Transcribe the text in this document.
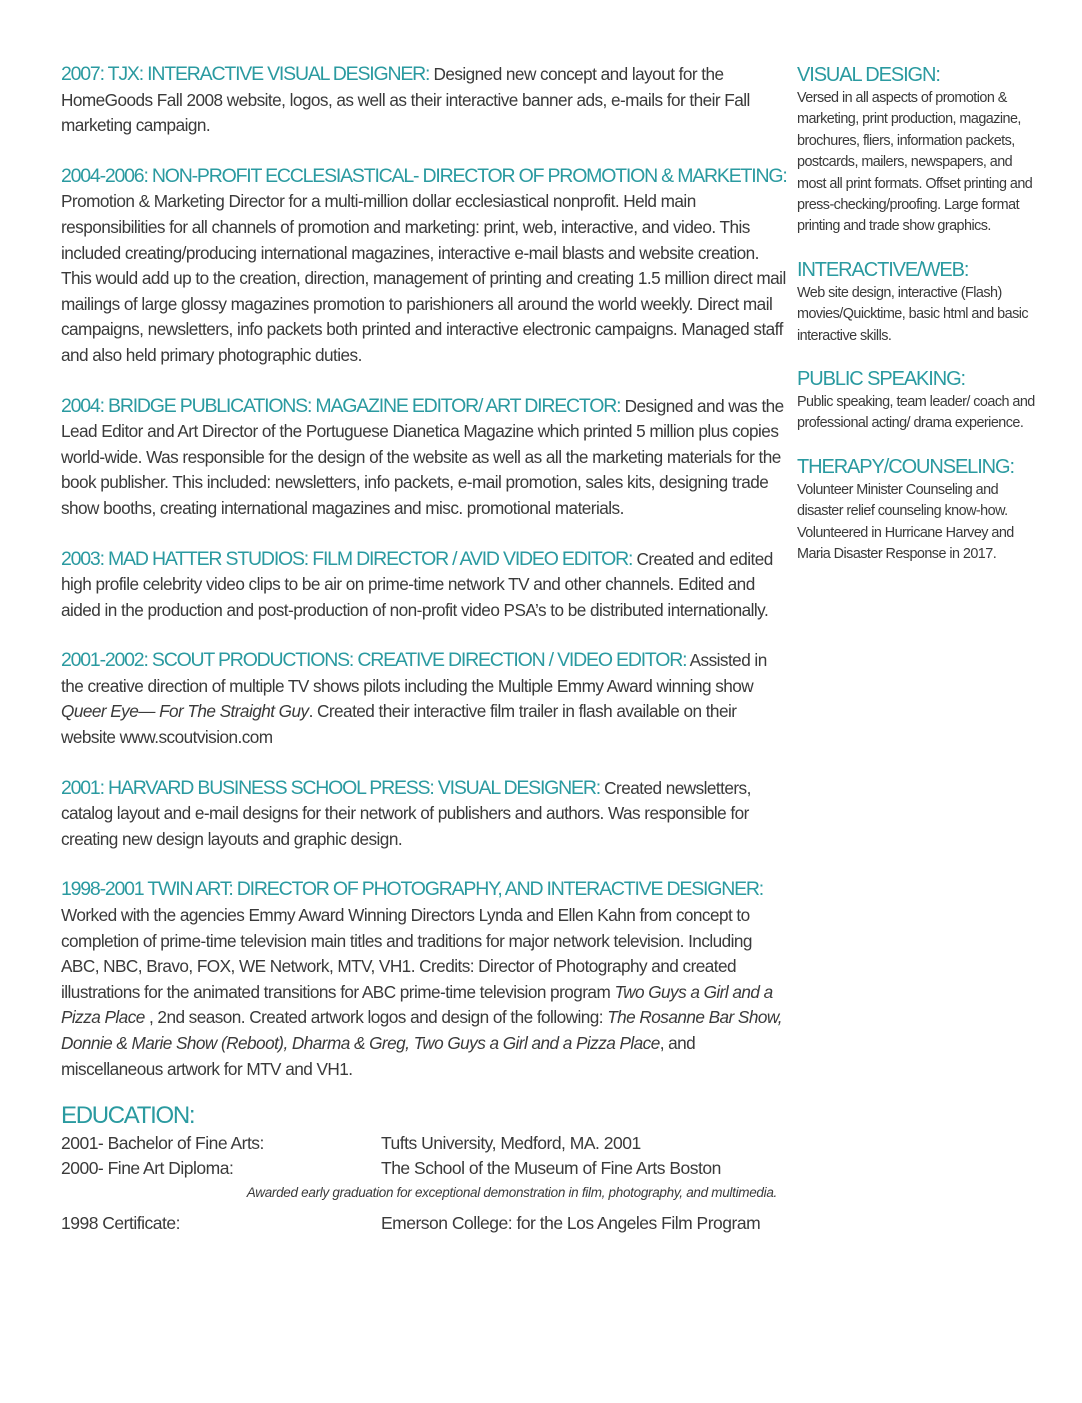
2007: TJX: INTERACTIVE VISUAL DESIGNER: Designed new concept and layout for the HomeGoods Fall 2008 website, logos, as well as their interactive banner ads, e-mails for their Fall marketing campaign.
2004-2006: NON-PROFIT ECCLESIASTICAL- DIRECTOR OF PROMOTION & MARKETING:
Promotion & Marketing Director for a multi-million dollar ecclesiastical nonprofit. Held main responsibilities for all channels of promotion and marketing: print, web, interactive, and video. This included creating/producing international magazines, interactive e-mail blasts and website creation. This would add up to the creation, direction, management of printing and creating 1.5 million direct mail mailings of large glossy magazines promotion to parishioners all around the world weekly. Direct mail campaigns, newsletters, info packets both printed and interactive electronic campaigns. Managed staff and also held primary photographic duties.
2004: BRIDGE PUBLICATIONS: MAGAZINE EDITOR/ ART DIRECTOR: Designed and was the Lead Editor and Art Director of the Portuguese Dianetica Magazine which printed 5 million plus copies world-wide. Was responsible for the design of the website as well as all the marketing materials for the book publisher. This included: newsletters, info packets, e-mail promotion, sales kits, designing trade show booths, creating international magazines and misc. promotional materials.
2003: MAD HATTER STUDIOS: FILM DIRECTOR / AVID VIDEO EDITOR: Created and edited high profile celebrity video clips to be air on prime-time network TV and other channels. Edited and aided in the production and post-production of non-profit video PSA’s to be distributed internationally.
2001-2002: SCOUT PRODUCTIONS: CREATIVE DIRECTION / VIDEO EDITOR: Assisted in the creative direction of multiple TV shows pilots including the Multiple Emmy Award winning show Queer Eye— For The Straight Guy. Created their interactive film trailer in flash available on their website www.scoutvision.com
2001: HARVARD BUSINESS SCHOOL PRESS: VISUAL DESIGNER: Created newsletters, catalog layout and e-mail designs for their network of publishers and authors. Was responsible for creating new design layouts and graphic design.
1998-2001 TWIN ART: DIRECTOR OF PHOTOGRAPHY, AND INTERACTIVE DESIGNER:
Worked with the agencies Emmy Award Winning Directors Lynda and Ellen Kahn from concept to completion of prime-time television main titles and traditions for major network television. Including ABC, NBC, Bravo, FOX, WE Network, MTV, VH1. Credits: Director of Photography and created illustrations for the animated transitions for ABC prime-time television program Two Guys a Girl and a Pizza Place , 2nd season. Created artwork logos and design of the following: The Rosanne Bar Show, Donnie & Marie Show (Reboot), Dharma & Greg, Two Guys a Girl and a Pizza Place, and miscellaneous artwork for MTV and VH1.
EDUCATION:
2001- Bachelor of Fine Arts:	Tufts University, Medford, MA. 2001
2000- Fine Art Diploma:	The School of the Museum of Fine Arts Boston
Awarded early graduation for exceptional demonstration in film, photography, and multimedia.
1998 Certificate:	Emerson College: for the Los Angeles Film Program
VISUAL DESIGN:
Versed in all aspects of promotion & marketing, print production, magazine, brochures, fliers, information packets, postcards, mailers, newspapers, and most all print formats. Offset printing and press-checking/proofing. Large format printing and trade show graphics.
INTERACTIVE/WEB:
Web site design, interactive (Flash) movies/Quicktime, basic html and basic interactive skills.
PUBLIC SPEAKING:
Public speaking, team leader/ coach and professional acting/ drama experience.
THERAPY/COUNSELING:
Volunteer Minister Counseling and disaster relief counseling know-how. Volunteered in Hurricane Harvey and Maria Disaster Response in 2017.
